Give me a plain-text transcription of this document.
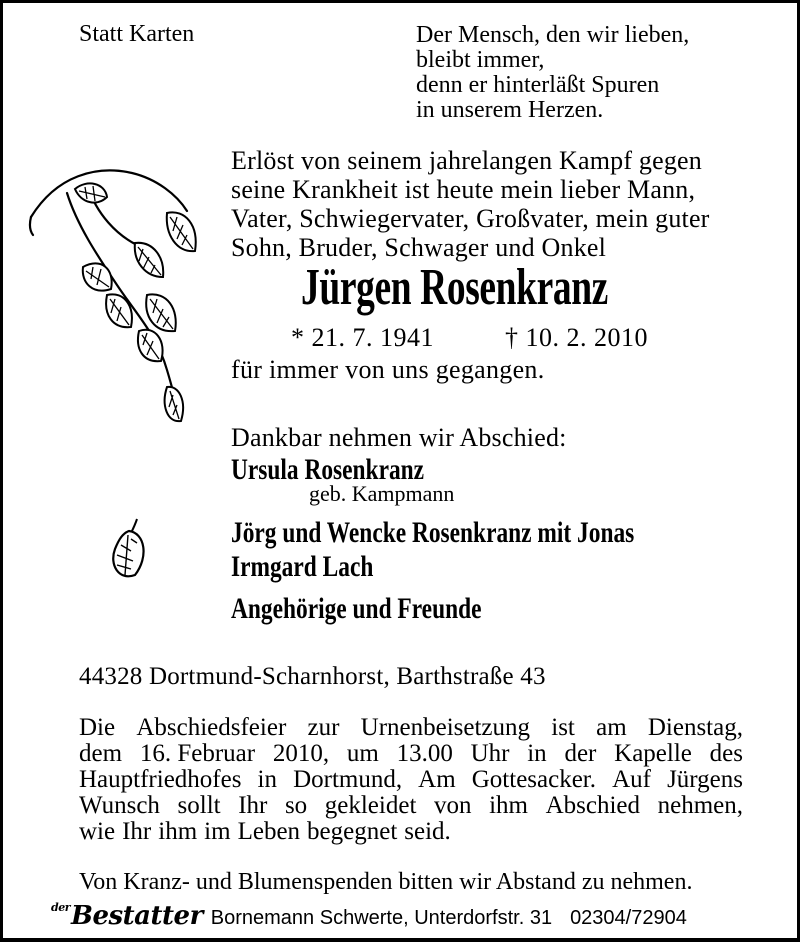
Statt Karten	Der Mensch, den wir lieben,
bleibt immer,
denn er hinterläßt Spuren
in unserem Herzen.
Erlöst von seinem jahrelangen Kampf gegen
seine Krankheit ist heute mein lieber Mann,
Vater, Schwiegervater, Großvater, mein guter
Sohn, Bruder, Schwager und Onkel
Jürgen Rosenkranz
* 21. 7. 1941	† 10. 2. 2010
für immer von uns gegangen.
Dankbar nehmen wir Abschied:
Ursula Rosenkranz
geb. Kampmann
Jörg und Wencke Rosenkranz mit Jonas
Irmgard Lach
Angehörige und Freunde
44328 Dortmund-Scharnhorst, Barthstraße 43
Die Abschiedsfeier zur Urnenbeisetzung ist am Dienstag,
dem 16. Februar 2010, um 13.00 Uhr in der Kapelle des
Hauptfriedhofes in Dortmund, Am Gottesacker. Auf Jürgens
Wunsch sollt Ihr so gekleidet von ihm Abschied nehmen,
wie Ihr ihm im Leben begegnet seid.
Von Kranz- und Blumenspenden bitten wir Abstand zu nehmen.
$^{der}$Bestatter Bornemann Schwerte, Unterdorfstr. 31 02304/72904
